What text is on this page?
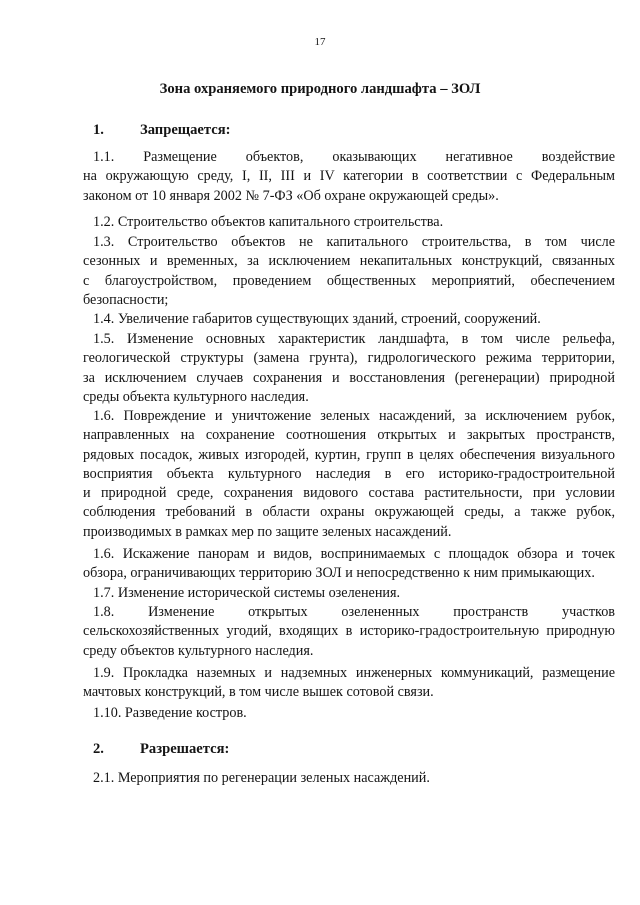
17
Зона охраняемого природного ландшафта – ЗОЛ
1. Запрещается:
1.1. Размещение объектов, оказывающих негативное воздействие
на окружающую среду, I, II, III и IV категории в соответствии с Федеральным
законом от 10 января 2002 № 7-ФЗ «Об охране окружающей среды».
1.2. Строительство объектов капитального строительства.
1.3. Строительство объектов не капитального строительства, в том числе
сезонных и временных, за исключением некапитальных конструкций, связанных
с благоустройством, проведением общественных мероприятий, обеспечением
безопасности;
1.4. Увеличение габаритов существующих зданий, строений, сооружений.
1.5. Изменение основных характеристик ландшафта, в том числе рельефа,
геологической структуры (замена грунта), гидрологического режима территории,
за исключением случаев сохранения и восстановления (регенерации) природной
среды объекта культурного наследия.
1.6. Повреждение и уничтожение зеленых насаждений, за исключением рубок,
направленных на сохранение соотношения открытых и закрытых пространств,
рядовых посадок, живых изгородей, куртин, групп в целях обеспечения визуального
восприятия объекта культурного наследия в его историко-градостроительной
и природной среде, сохранения видового состава растительности, при условии
соблюдения требований в области охраны окружающей среды, а также рубок,
производимых в рамках мер по защите зеленых насаждений.
1.6. Искажение панорам и видов, воспринимаемых с площадок обзора и точек
обзора, ограничивающих территорию ЗОЛ и непосредственно к ним примыкающих.
1.7. Изменение исторической системы озеленения.
1.8. Изменение открытых озелененных пространств участков
сельскохозяйственных угодий, входящих в историко-градостроительную природную
среду объектов культурного наследия.
1.9. Прокладка наземных и надземных инженерных коммуникаций, размещение
мачтовых конструкций, в том числе вышек сотовой связи.
1.10. Разведение костров.
2. Разрешается:
2.1. Мероприятия по регенерации зеленых насаждений.
